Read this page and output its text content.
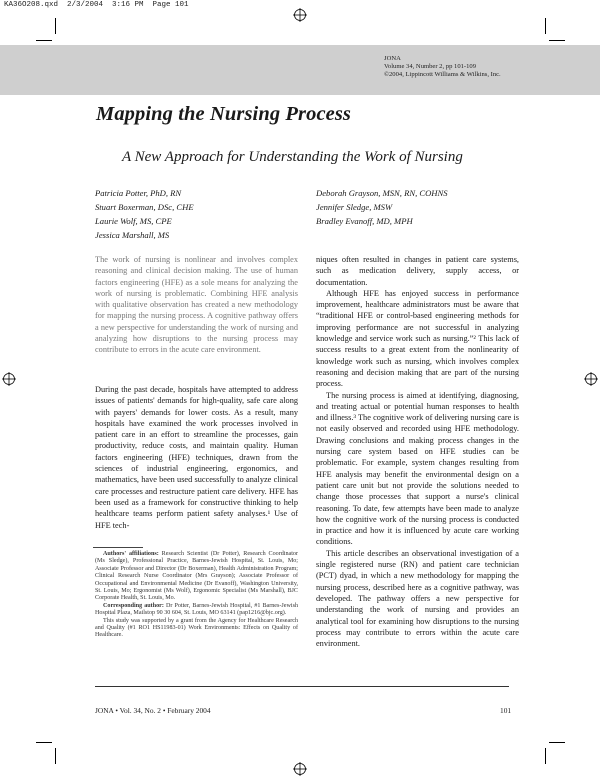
KA36O208.qxd  2/3/2004  3:16 PM  Page 101
JONA
Volume 34, Number 2, pp 101-109
©2004, Lippincott Williams & Wilkins, Inc.
Mapping the Nursing Process
A New Approach for Understanding the Work of Nursing
Patricia Potter, PhD, RN
Stuart Boxerman, DSc, CHE
Laurie Wolf, MS, CPE
Jessica Marshall, MS
Deborah Grayson, MSN, RN, COHNS
Jennifer Sledge, MSW
Bradley Evanoff, MD, MPH

The work of nursing is nonlinear and involves complex reasoning and clinical decision making. The use of human factors engineering (HFE) as a sole means for analyzing the work of nursing is problematic. Combining HFE analysis with qualitative observation has created a new methodology for mapping the nursing process. A cognitive pathway offers a new perspective for understanding the work of nursing and analyzing how disruptions to the nursing process may contribute to errors in the acute care environment.

During the past decade, hospitals have attempted to address issues of patients' demands for high-quality, safe care along with payers' demands for lower costs. As a result, many hospitals have examined the work processes involved in patient care in an effort to streamline the processes, gain productivity, reduce costs, and maintain quality. Human factors engineering (HFE) techniques, drawn from the sciences of industrial engineering, ergonomics, and mathematics, have been used successfully to analyze clinical care processes and restructure patient care delivery. HFE has been used as a framework for constructive thinking to help healthcare teams perform patient safety analyses.¹ Use of HFE tech-

Authors' affiliations: Research Scientist (Dr Potter), Research Coordinator (Ms Sledge), Professional Practice, Barnes-Jewish Hospital, St. Louis, Mo; Associate Professor and Director (Dr Boxerman), Health Administration Program; Clinical Research Nurse Coordinator (Mrs Grayson); Associate Professor of Occupational and Environmental Medicine (Dr Evanoff), Washington University, St. Louis, Mo; Ergonomist (Ms Wolf), Ergonomic Specialist (Ms Marshall), BJC Corporate Health, St. Louis, Mo.

Corresponding author: Dr Potter, Barnes-Jewish Hospital, #1 Barnes-Jewish Hospital Plaza, Mailstop 90 30 604, St. Louis, MO 63141 (pap1216@bjc.org).

This study was supported by a grant from the Agency for Healthcare Research and Quality (#1 RO1 HS11983-01) Work Environments: Effects on Quality of Healthcare.

niques often resulted in changes in patient care systems, such as medication delivery, supply access, or documentation.

Although HFE has enjoyed success in performance improvement, healthcare administrators must be aware that “traditional HFE or control-based engineering methods for improving performance are not successful in analyzing knowledge and service work such as nursing.”² This lack of success results to a great extent from the nonlinearity of knowledge work such as nursing, which involves complex reasoning and decision making that are part of the nursing process.

The nursing process is aimed at identifying, diagnosing, and treating actual or potential human responses to health and illness.³ The cognitive work of delivering nursing care is not easily observed and recorded using HFE methodology. Drawing conclusions and making process changes in the nursing care system based on HFE studies can be problematic. For example, system changes resulting from HFE analysis may benefit the environmental design on a patient care unit but not provide the solutions needed to change those processes that support a nurse's clinical reasoning. To date, few attempts have been made to analyze how the cognitive work of the nursing process is conducted in practice and how it is influenced by acute care working conditions.

This article describes an observational investigation of a single registered nurse (RN) and patient care technician (PCT) dyad, in which a new methodology for mapping the nursing process, described here as a cognitive pathway, was developed. The pathway offers a new perspective for understanding the work of nursing and provides an analytical tool for examining how disruptions to the nursing process may contribute to errors within the acute care environment.

JONA • Vol. 34, No. 2 • February 2004	101
